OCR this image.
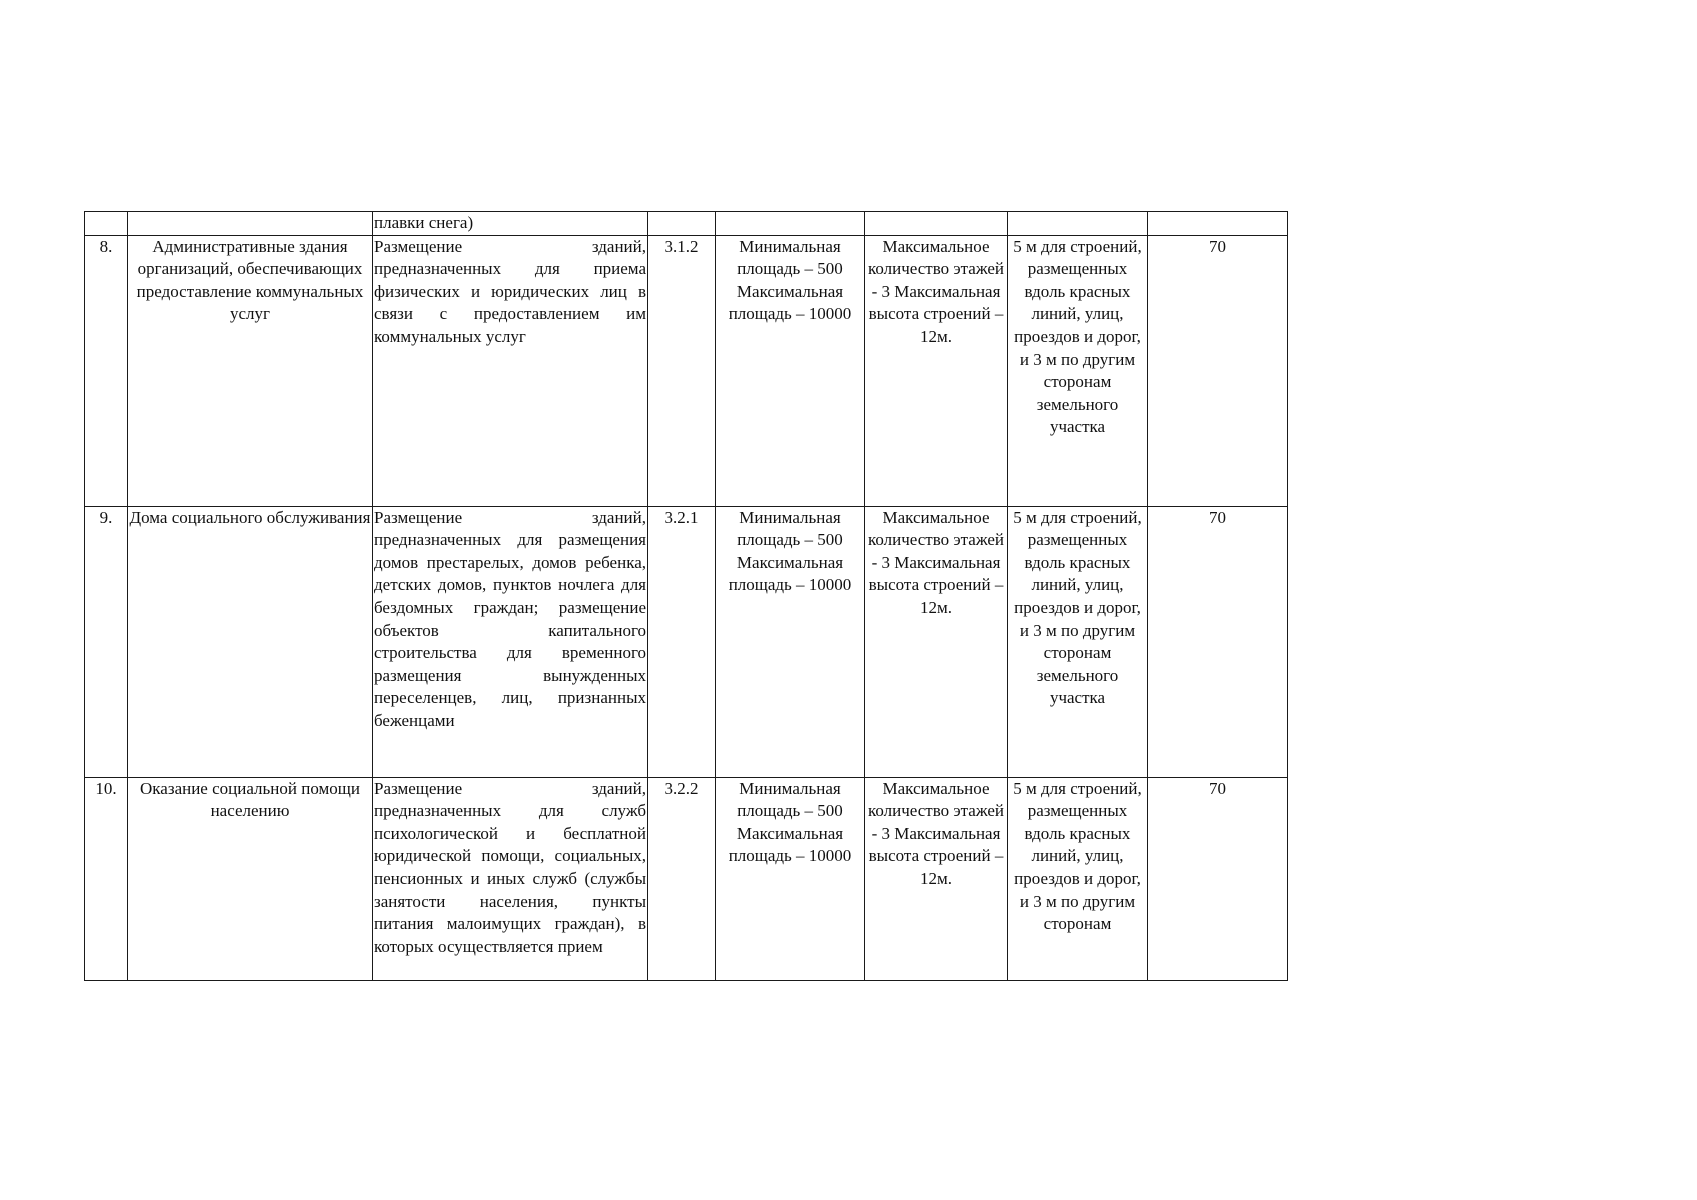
		плавки снега)					
8.	Административные здания организаций, обеспечивающих предоставление коммунальных услуг	Размещение зданий, предназначенных для приема физических и юридических лиц в связи с предоставлением им коммунальных услуг	3.1.2	Минимальная площадь – 500 Максимальная площадь – 10000	Максимальное количество этажей - 3 Максимальная высота строений – 12м.	5 м для строений, размещенных вдоль красных линий, улиц, проездов и дорог, и 3 м по другим сторонам земельного участка	70
9.	Дома социального обслуживания	Размещение зданий, предназначенных для размещения домов престарелых, домов ребенка, детских домов, пунктов ночлега для бездомных граждан; размещение объектов капитального строительства для временного размещения вынужденных переселенцев, лиц, признанных беженцами	3.2.1	Минимальная площадь – 500 Максимальная площадь – 10000	Максимальное количество этажей - 3 Максимальная высота строений – 12м.	5 м для строений, размещенных вдоль красных линий, улиц, проездов и дорог, и 3 м по другим сторонам земельного участка	70
10.	Оказание социальной помощи населению	Размещение зданий, предназначенных для служб психологической и бесплатной юридической помощи, социальных, пенсионных и иных служб (службы занятости населения, пункты питания малоимущих граждан), в которых осуществляется прием	3.2.2	Минимальная площадь – 500 Максимальная площадь – 10000	Максимальное количество этажей - 3 Максимальная высота строений – 12м.	5 м для строений, размещенных вдоль красных линий, улиц, проездов и дорог, и 3 м по другим сторонам	70
